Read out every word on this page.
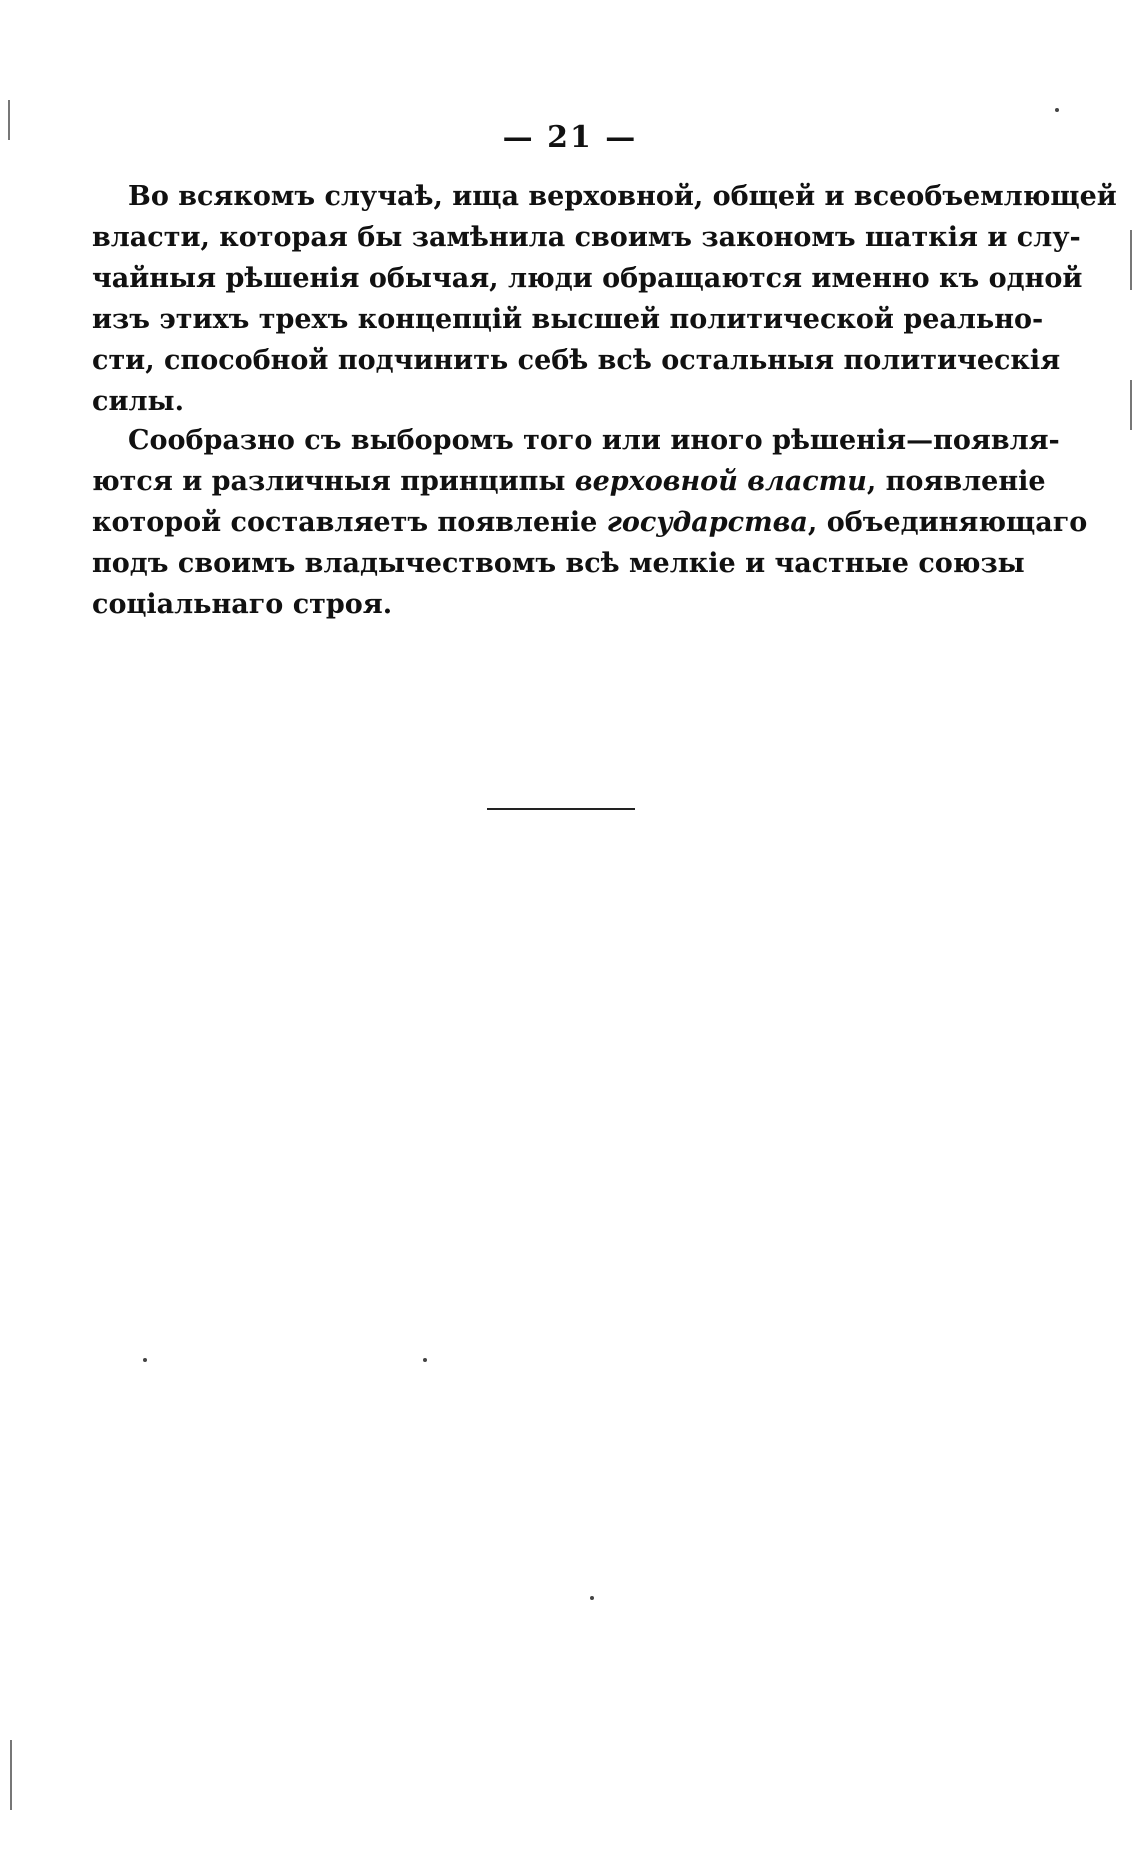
— 21 —
Во всякомъ случаѣ, ища верховной, общей и всеобъемлющей
власти, которая бы замѣнила своимъ закономъ шаткія и слу-
чайныя рѣшенія обычая, люди обращаются именно къ одной
изъ этихъ трехъ концепцій высшей политической реально-
сти, способной подчинить себѣ всѣ остальныя политическія
силы.
Сообразно съ выборомъ того или иного рѣшенія—появля-
ются и различныя принципы верховной власти, появленіе
которой составляетъ появленіе государства, объединяющаго
подъ своимъ владычествомъ всѣ мелкіе и частные союзы
соціальнаго строя.
